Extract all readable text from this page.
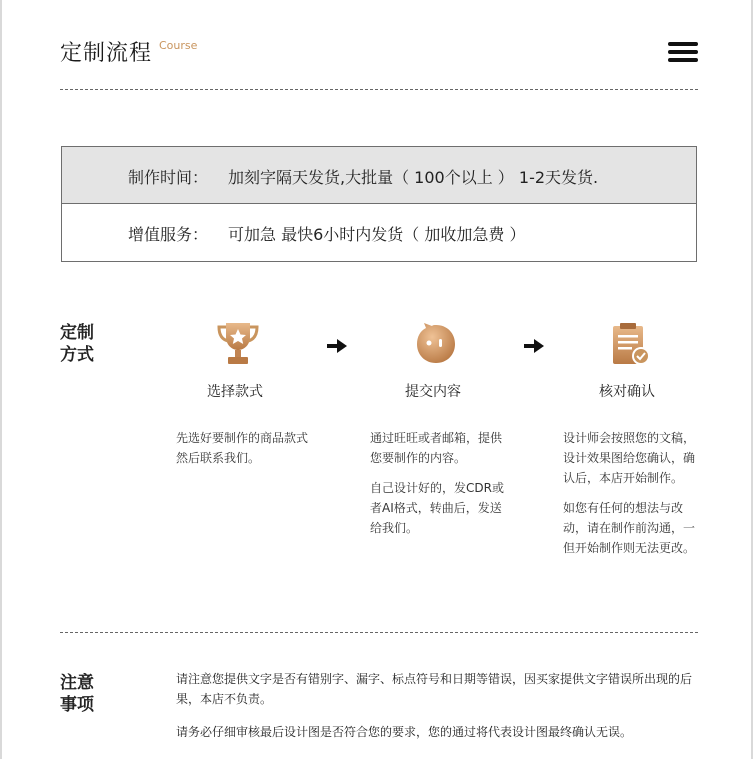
定制流程 Course
制作时间： 加刻字隔天发货,大批量（ 100个以上 ） 1-2天发货.
增值服务： 可加急 最快6小时内发货（ 加收加急费 ）
定制
方式
选择款式

先选好要制作的商品款式然后联系我们。

提交内容

通过旺旺或者邮箱，提供您要制作的内容。

自己设计好的，发CDR或者AI格式，转曲后，发送给我们。

核对确认

设计师会按照您的文稿，设计效果图给您确认，确认后，本店开始制作。

如您有任何的想法与改动，请在制作前沟通，一但开始制作则无法更改。

注意
事项
请注意您提供文字是否有错别字、漏字、标点符号和日期等错误，因买家提供文字错误所出现的后果，本店不负责。
请务必仔细审核最后设计图是否符合您的要求，您的通过将代表设计图最终确认无误。
